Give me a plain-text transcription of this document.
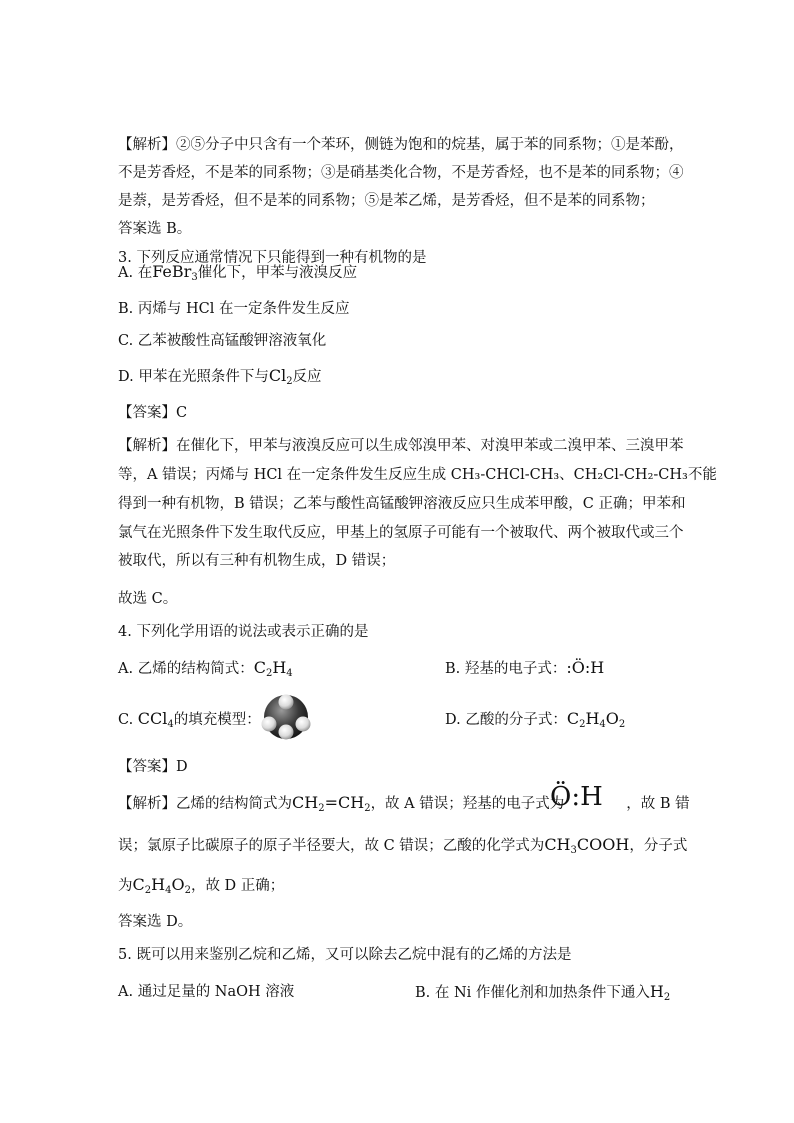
【解析】②⑤分子中只含有一个苯环，侧链为饱和的烷基，属于苯的同系物；①是苯酚，
不是芳香烃，不是苯的同系物；③是硝基类化合物，不是芳香烃，也不是苯的同系物；④
是萘，是芳香烃，但不是苯的同系物；⑤是苯乙烯，是芳香烃，但不是苯的同系物；
答案选 B。
3. 下列反应通常情况下只能得到一种有机物的是
A. 在FeBr$_3$催化下，甲苯与液溴反应
B. 丙烯与 HCl 在一定条件发生反应
C. 乙苯被酸性高锰酸钾溶液氧化
D. 甲苯在光照条件下与$Cl_2$反应
【答案】C
【解析】在催化下，甲苯与液溴反应可以生成邻溴甲苯、对溴甲苯或二溴甲苯、三溴甲苯
等，A 错误；丙烯与 HCl 在一定条件发生反应生成 CH₃-CHCl-CH₃、CH₂Cl-CH₂-CH₃不能
得到一种有机物，B 错误；乙苯与酸性高锰酸钾溶液反应只生成苯甲酸，C 正确；甲苯和
氯气在光照条件下发生取代反应，甲基上的氢原子可能有一个被取代、两个被取代或三个
被取代，所以有三种有机物生成，D 错误；
故选 C。
4. 下列化学用语的说法或表示正确的是
A. 乙烯的结构简式：$C_2H_4$	B. 羟基的电子式：:Ö:H
C. CCl$_4$的填充模型：	D. 乙酸的分子式：$C_2H_4O_2$
【答案】D
【解析】乙烯的结构简式为$CH_2=CH_2$，故 A 错误；羟基的电子式为	，故 B 错
Ö:H
误；氯原子比碳原子的原子半径要大，故 C 错误；乙酸的化学式为$CH_3COOH$，分子式
为$C_2H_4O_2$，故 D 正确；
答案选 D。
5. 既可以用来鉴别乙烷和乙烯，又可以除去乙烷中混有的乙烯的方法是
A. 通过足量的 NaOH 溶液	B. 在 Ni 作催化剂和加热条件下通入$H_2$
